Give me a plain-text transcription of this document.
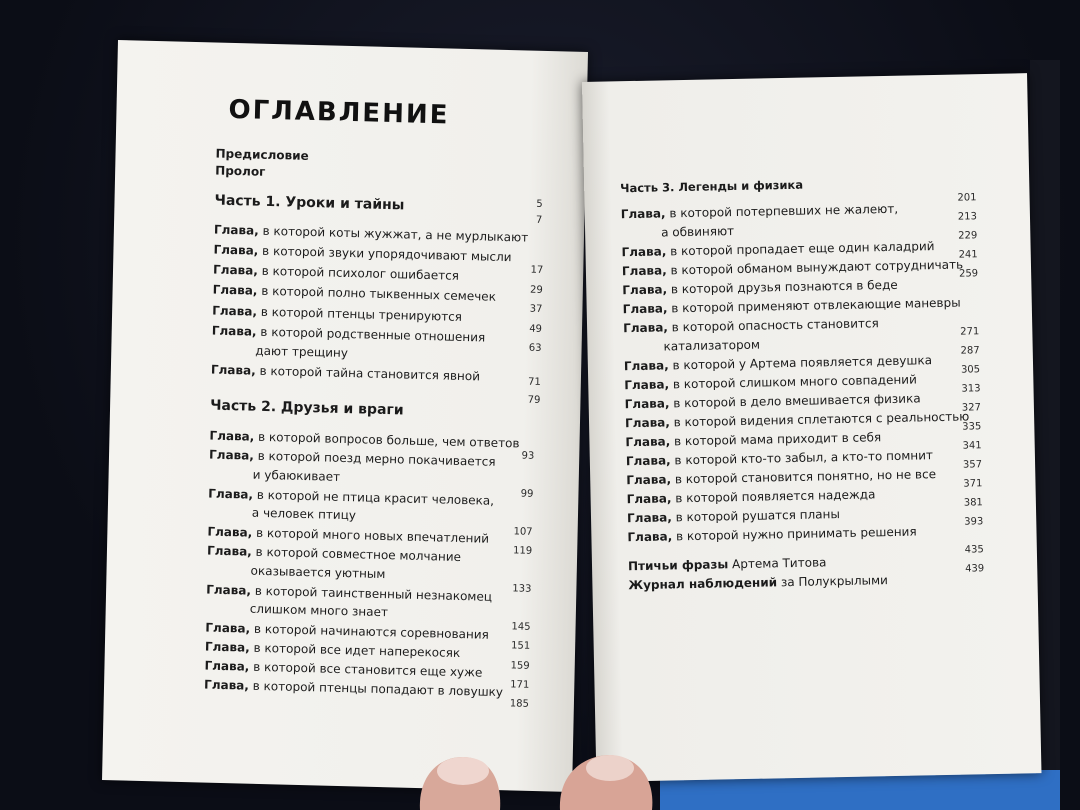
ОГЛАВЛЕНИЕ
Предисловие
Пролог
5
7
Часть 1. Уроки и тайны
Глава, в которой коты жужжат, а не мурлыкают
Глава, в которой звуки упорядочивают мысли
Глава, в которой психолог ошибается
Глава, в которой полно тыквенных семечек
Глава, в которой птенцы тренируются
Глава, в которой родственные отношения
дают трещину
Глава, в которой тайна становится явной
17
29
37
49
63
71
79
Часть 2. Друзья и враги
Глава, в которой вопросов больше, чем ответов
Глава, в которой поезд мерно покачивается
и убаюкивает
Глава, в которой не птица красит человека,
а человек птицу
Глава, в которой много новых впечатлений
Глава, в которой совместное молчание
оказывается уютным
Глава, в которой таинственный незнакомец
слишком много знает
Глава, в которой начинаются соревнования
Глава, в которой все идет наперекосяк
Глава, в которой все становится еще хуже
Глава, в которой птенцы попадают в ловушку
93
99
107
119
133
145
151
159
171
185
Часть 3. Легенды и физика
Глава, в которой потерпевших не жалеют,
а обвиняют
Глава, в которой пропадает еще один каладрий
Глава, в которой обманом вынуждают сотрудничать
Глава, в которой друзья познаются в беде
Глава, в которой применяют отвлекающие маневры
Глава, в которой опасность становится
катализатором
Глава, в которой у Артема появляется девушка
Глава, в которой слишком много совпадений
Глава, в которой в дело вмешивается физика
Глава, в которой видения сплетаются с реальностью
Глава, в которой мама приходит в себя
Глава, в которой кто-то забыл, а кто-то помнит
Глава, в которой становится понятно, но не все
Глава, в которой появляется надежда
Глава, в которой рушатся планы
Глава, в которой нужно принимать решения
201
213
229
241
259
271
287
305
313
327
335
341
357
371
381
393
Птичьи фразы Артема Титова
Журнал наблюдений за Полукрылыми
435
439
